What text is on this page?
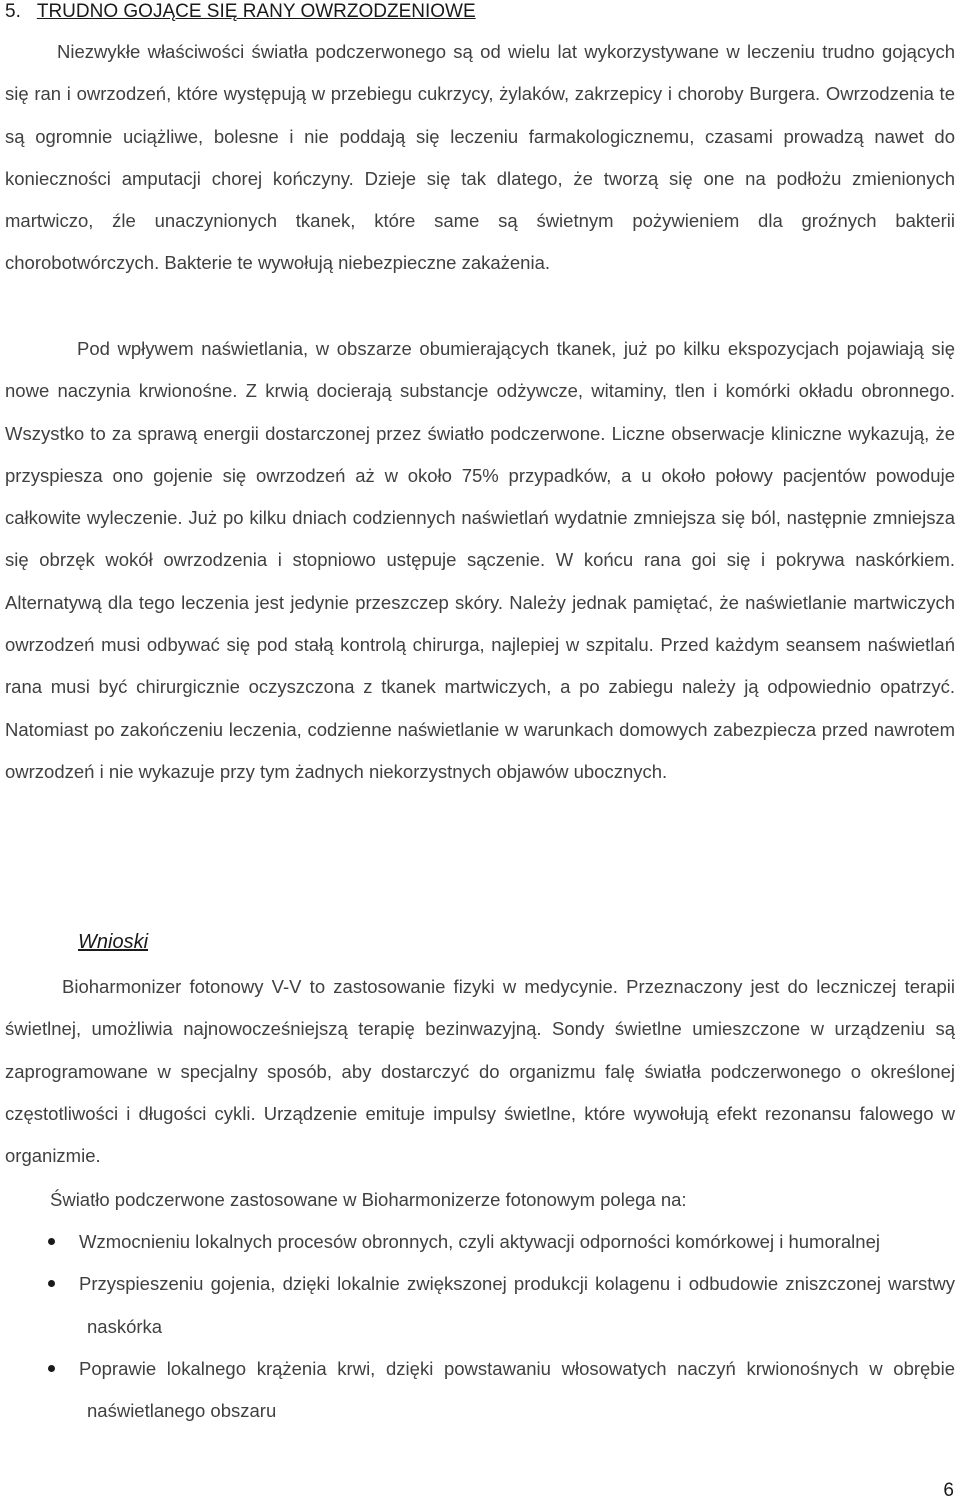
5. TRUDNO GOJĄCE SIĘ RANY OWRZODZENIOWE

Niezwykłe właściwości światła podczerwonego są od wielu lat wykorzystywane w leczeniu trudno gojących się ran i owrzodzeń, które występują w przebiegu cukrzycy, żylaków, zakrzepicy i choroby Burgera. Owrzodzenia te są ogromnie uciążliwe, bolesne i nie poddają się leczeniu farmakologicznemu, czasami prowadzą nawet do konieczności amputacji chorej kończyny. Dzieje się tak dlatego, że tworzą się one na podłożu zmienionych martwiczo, źle unaczynionych tkanek, które same są świetnym pożywieniem dla groźnych bakterii chorobotwórczych. Bakterie te wywołują niebezpieczne zakażenia.

Pod wpływem naświetlania, w obszarze obumierających tkanek, już po kilku ekspozycjach pojawiają się nowe naczynia krwionośne. Z krwią docierają substancje odżywcze, witaminy, tlen i komórki okładu obronnego. Wszystko to za sprawą energii dostarczonej przez światło podczerwone. Liczne obserwacje kliniczne wykazują, że przyspiesza ono gojenie się owrzodzeń aż w około 75% przypadków, a u około połowy pacjentów powoduje całkowite wyleczenie. Już po kilku dniach codziennych naświetlań wydatnie zmniejsza się ból, następnie zmniejsza się obrzęk wokół owrzodzenia i stopniowo ustępuje sączenie. W końcu rana goi się i pokrywa naskórkiem. Alternatywą dla tego leczenia jest jedynie przeszczep skóry. Należy jednak pamiętać, że naświetlanie martwiczych owrzodzeń musi odbywać się pod stałą kontrolą chirurga, najlepiej w szpitalu. Przed każdym seansem naświetlań rana musi być chirurgicznie oczyszczona z tkanek martwiczych, a po zabiegu należy ją odpowiednio opatrzyć. Natomiast po zakończeniu leczenia, codzienne naświetlanie w warunkach domowych zabezpiecza przed nawrotem owrzodzeń i nie wykazuje przy tym żadnych niekorzystnych objawów ubocznych.

Wnioski

Bioharmonizer fotonowy V-V to zastosowanie fizyki w medycynie. Przeznaczony jest do leczniczej terapii świetlnej, umożliwia najnowocześniejszą terapię bezinwazyjną. Sondy świetlne umieszczone w urządzeniu są zaprogramowane w specjalny sposób, aby dostarczyć do organizmu falę światła podczerwonego o określonej częstotliwości i długości cykli. Urządzenie emituje impulsy świetlne, które wywołują efekt rezonansu falowego w organizmie.

Światło podczerwone zastosowane w Bioharmonizerze fotonowym polega na:

Wzmocnieniu lokalnych procesów obronnych, czyli aktywacji odporności komórkowej i humoralnej
Przyspieszeniu gojenia, dzięki lokalnie zwiększonej produkcji kolagenu i odbudowie zniszczonej warstwy naskórka
Poprawie lokalnego krążenia krwi, dzięki powstawaniu włosowatych naczyń krwionośnych w obrębie naświetlanego obszaru
6
